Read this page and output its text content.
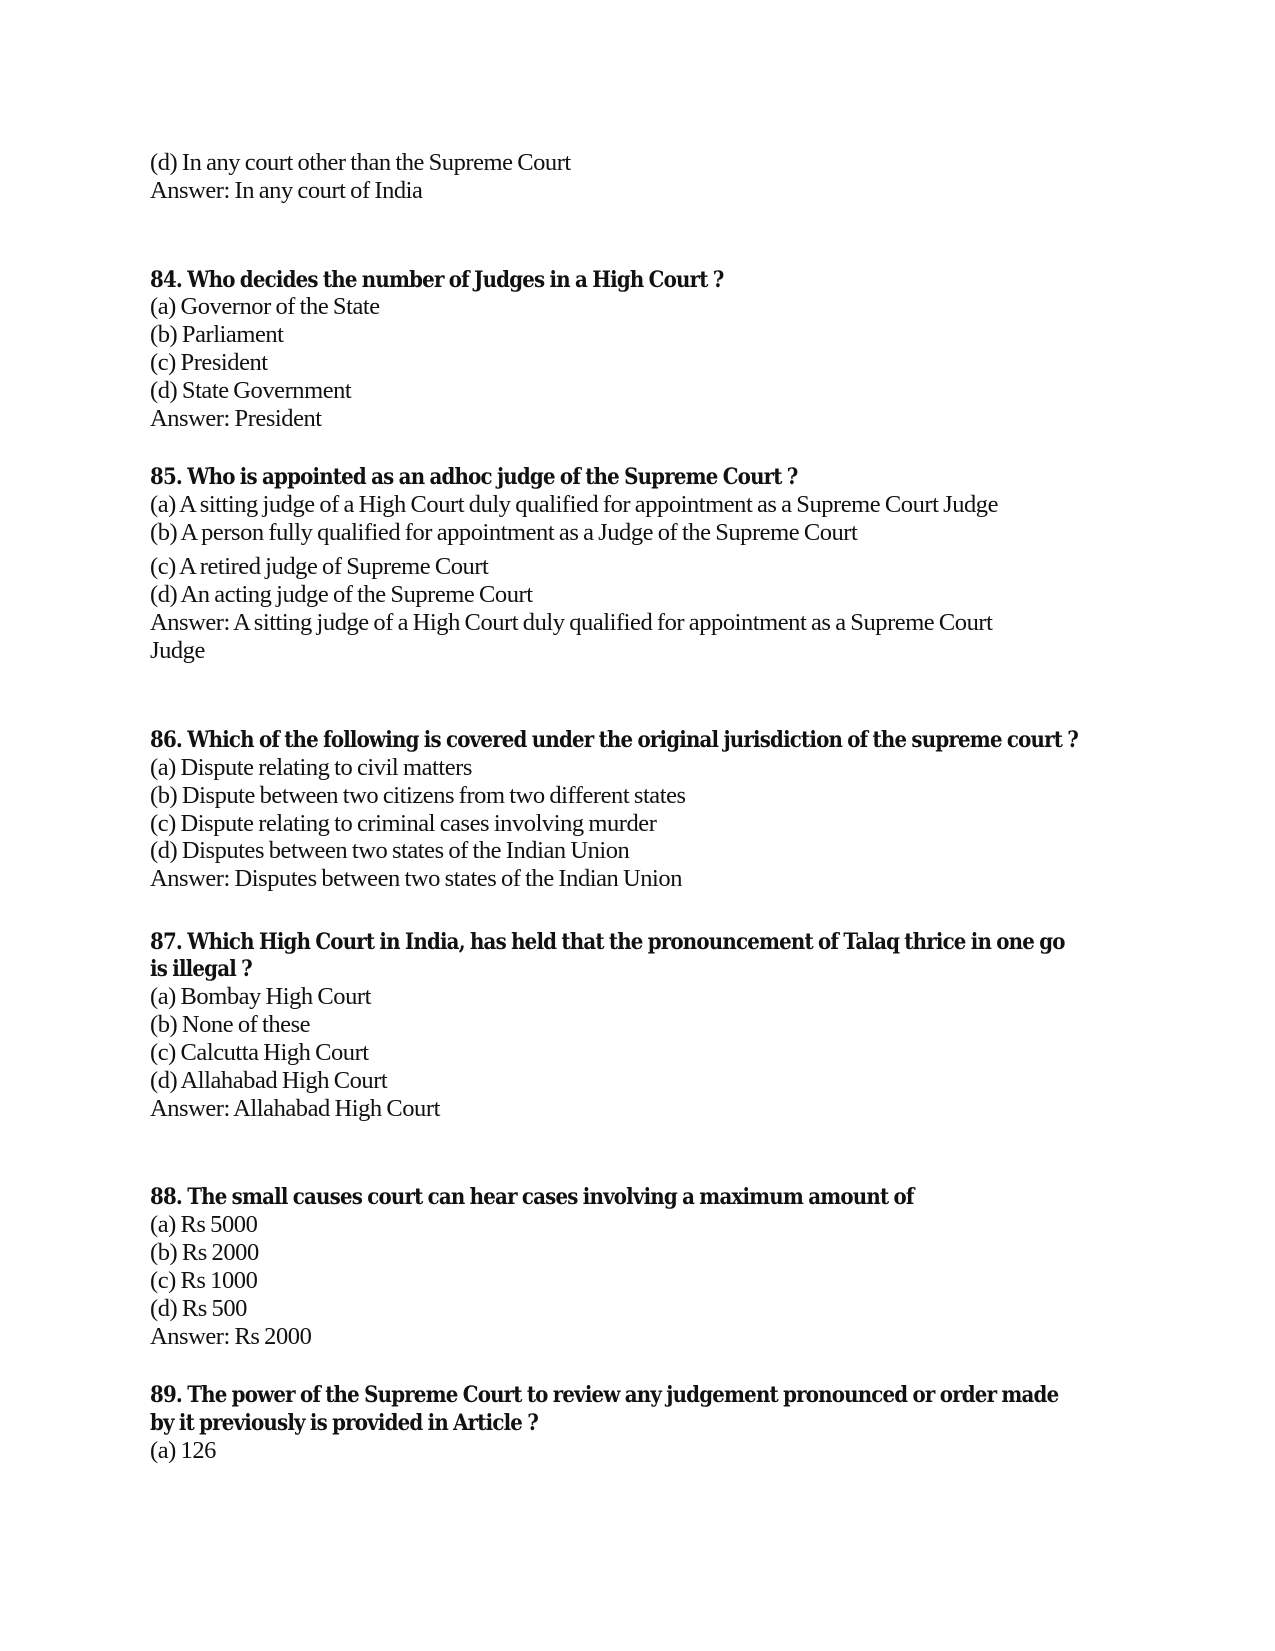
(d) In any court other than the Supreme Court
Answer: In any court of India
84. Who decides the number of Judges in a High Court ?
(a) Governor of the State
(b) Parliament
(c) President
(d) State Government
Answer: President
85. Who is appointed as an adhoc judge of the Supreme Court ?
(a) A sitting judge of a High Court duly qualified for appointment as a Supreme Court Judge
(b) A person fully qualified for appointment as a Judge of the Supreme Court
(c) A retired judge of Supreme Court
(d) An acting judge of the Supreme Court
Answer: A sitting judge of a High Court duly qualified for appointment as a Supreme Court
Judge
86. Which of the following is covered under the original jurisdiction of the supreme court ?
(a) Dispute relating to civil matters
(b) Dispute between two citizens from two different states
(c) Dispute relating to criminal cases involving murder
(d) Disputes between two states of the Indian Union
Answer: Disputes between two states of the Indian Union
87. Which High Court in India, has held that the pronouncement of Talaq thrice in one go
is illegal ?
(a) Bombay High Court
(b) None of these
(c) Calcutta High Court
(d) Allahabad High Court
Answer: Allahabad High Court
88. The small causes court can hear cases involving a maximum amount of
(a) Rs 5000
(b) Rs 2000
(c) Rs 1000
(d) Rs 500
Answer: Rs 2000
89. The power of the Supreme Court to review any judgement pronounced or order made
by it previously is provided in Article ?
(a) 126
